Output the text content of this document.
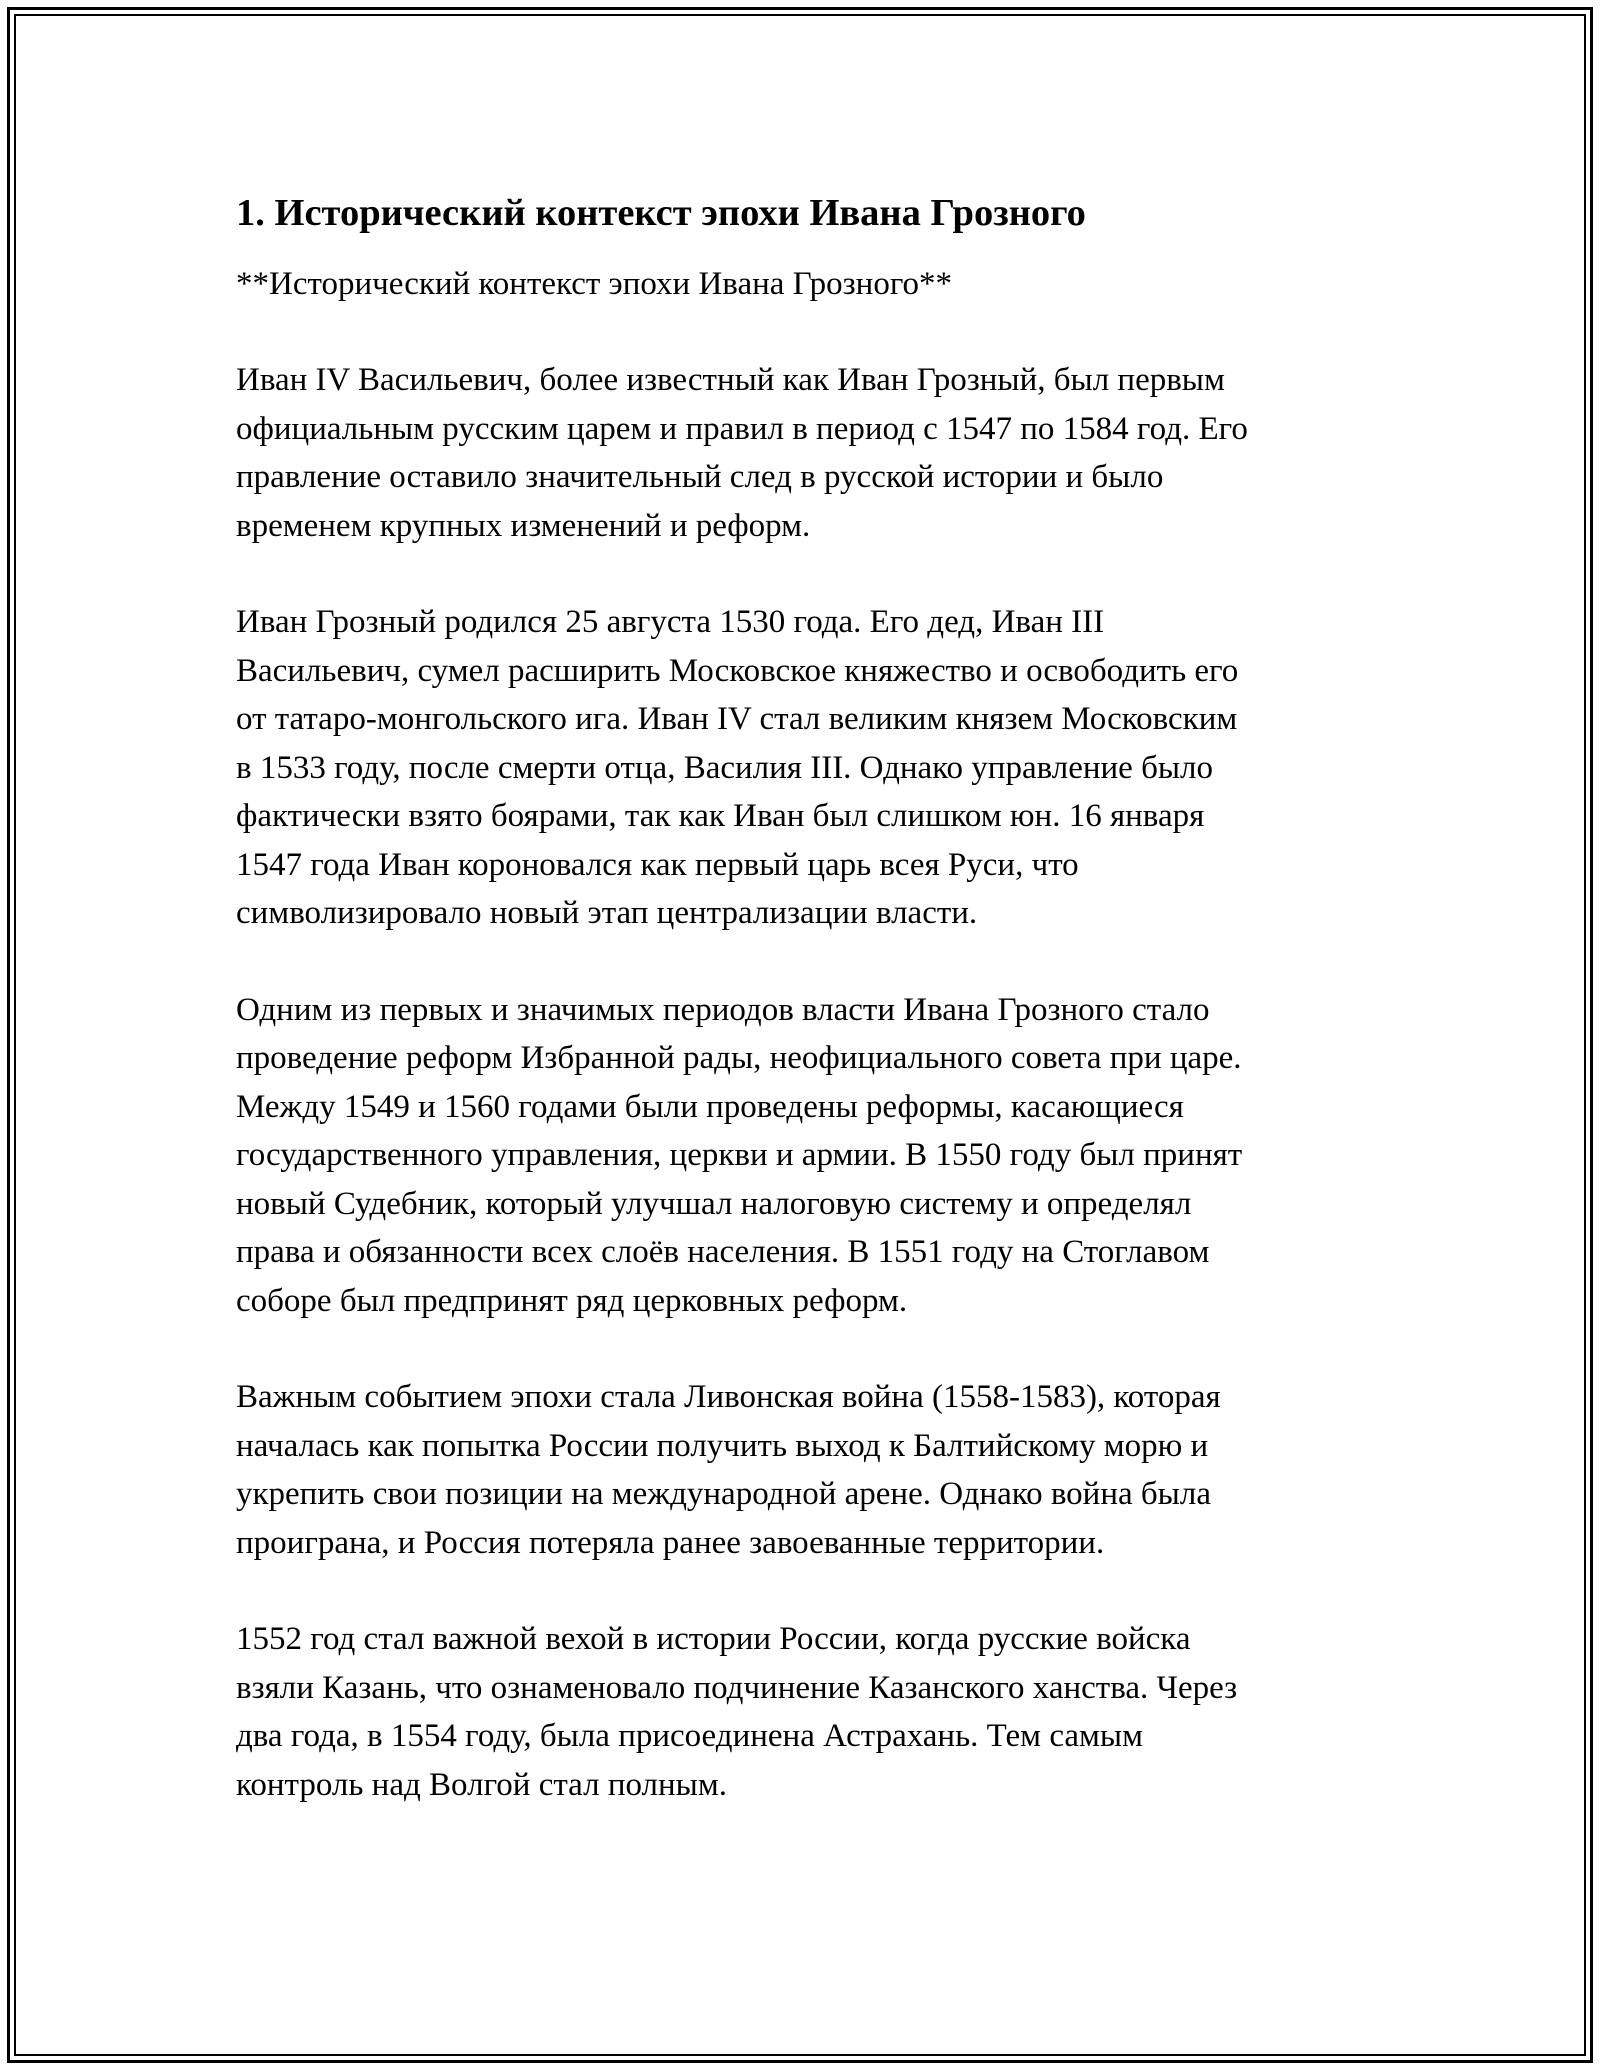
1. Исторический контекст эпохи Ивана Грозного

**Исторический контекст эпохи Ивана Грозного**

Иван IV Васильевич, более известный как Иван Грозный, был первым
официальным русским царем и правил в период с 1547 по 1584 год. Его
правление оставило значительный след в русской истории и было
временем крупных изменений и реформ.

Иван Грозный родился 25 августа 1530 года. Его дед, Иван III
Васильевич, сумел расширить Московское княжество и освободить его
от татаро-монгольского ига. Иван IV стал великим князем Московским
в 1533 году, после смерти отца, Василия III. Однако управление было
фактически взято боярами, так как Иван был слишком юн. 16 января
1547 года Иван короновался как первый царь всея Руси, что
символизировало новый этап централизации власти.

Одним из первых и значимых периодов власти Ивана Грозного стало
проведение реформ Избранной рады, неофициального совета при царе.
Между 1549 и 1560 годами были проведены реформы, касающиеся
государственного управления, церкви и армии. В 1550 году был принят
новый Судебник, который улучшал налоговую систему и определял
права и обязанности всех слоёв населения. В 1551 году на Стоглавом
соборе был предпринят ряд церковных реформ.

Важным событием эпохи стала Ливонская война (1558-1583), которая
началась как попытка России получить выход к Балтийскому морю и
укрепить свои позиции на международной арене. Однако война была
проиграна, и Россия потеряла ранее завоеванные территории.

1552 год стал важной вехой в истории России, когда русские войска
взяли Казань, что ознаменовало подчинение Казанского ханства. Через
два года, в 1554 году, была присоединена Астрахань. Тем самым
контроль над Волгой стал полным.
